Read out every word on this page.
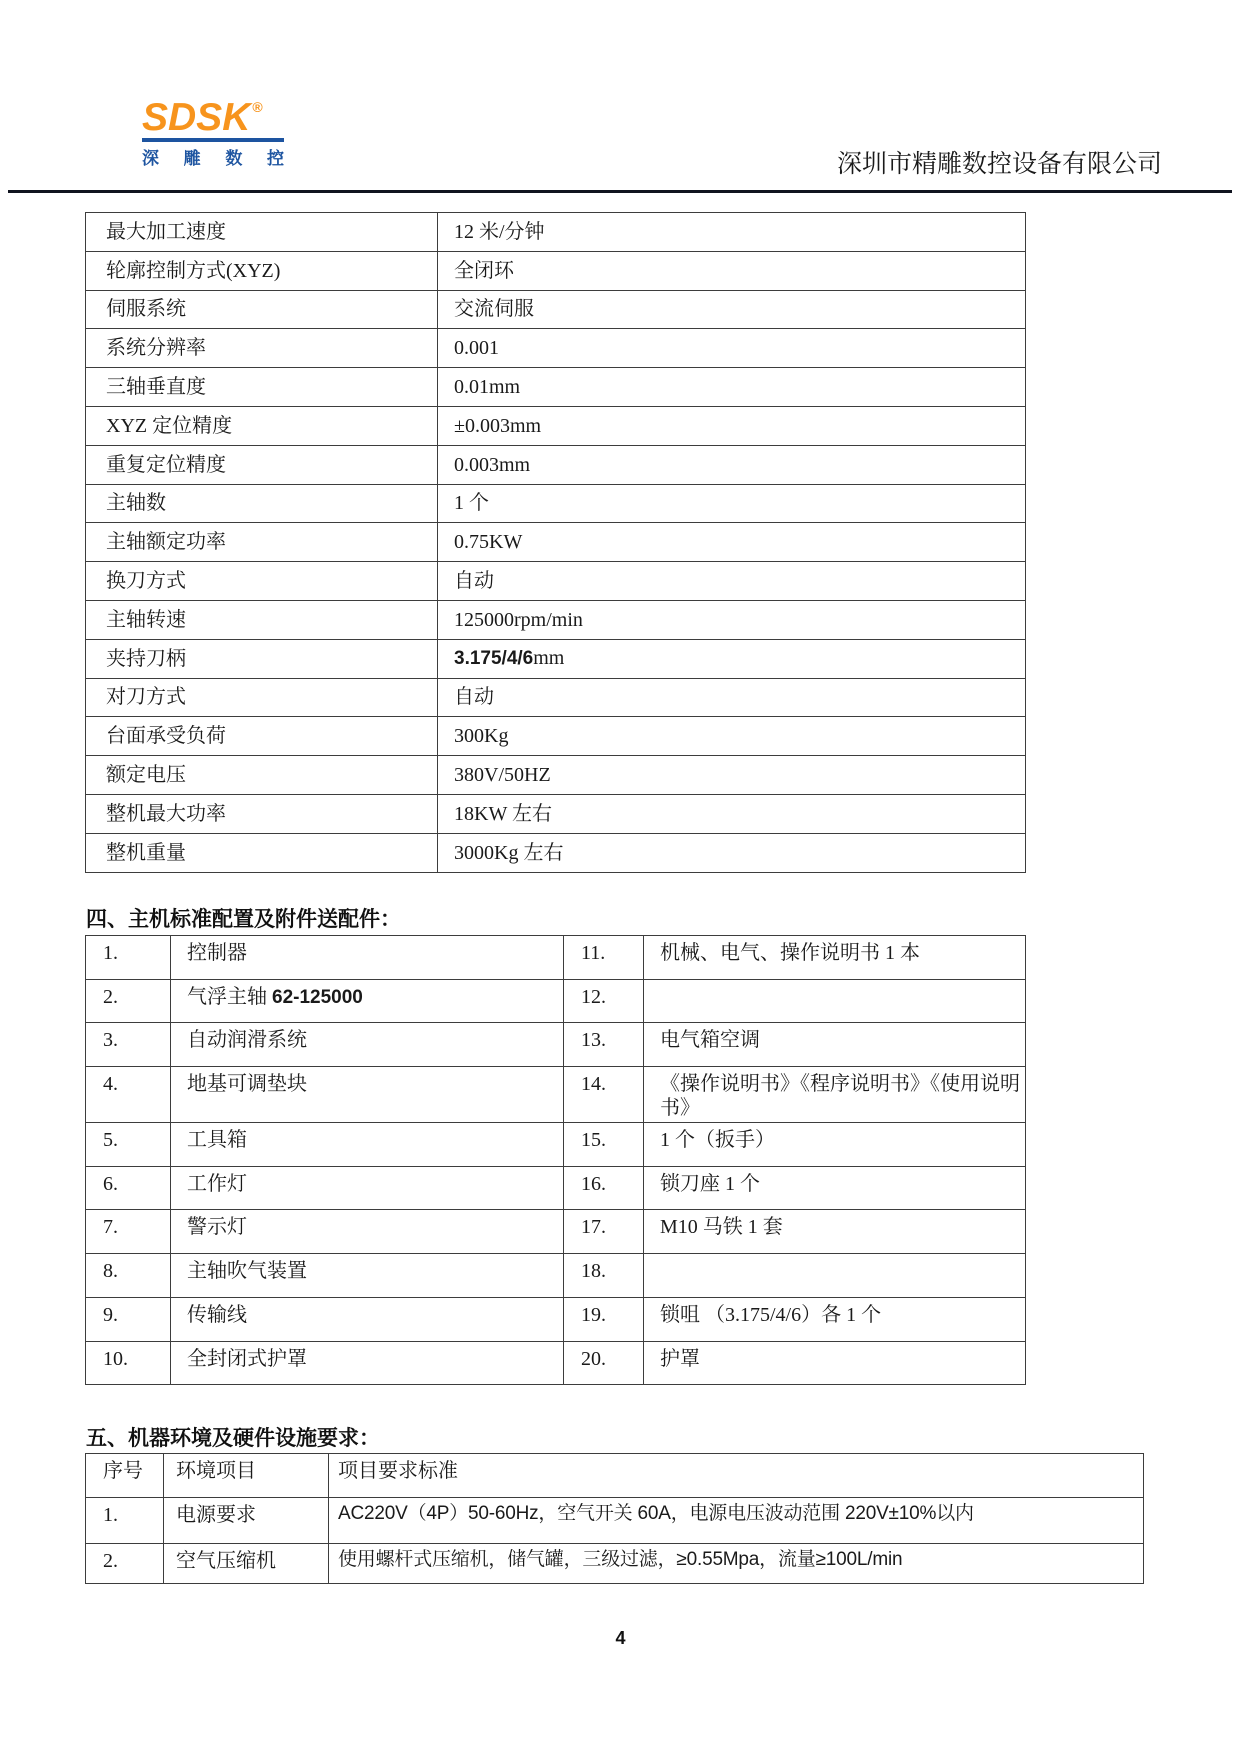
SDSK ®
深 雕 数 控	深圳市精雕数控设备有限公司
最大加工速度	12 米/分钟
轮廓控制方式(XYZ)	全闭环
伺服系统	交流伺服
系统分辨率	0.001
三轴垂直度	0.01mm
XYZ 定位精度	±0.003mm
重复定位精度	0.003mm
主轴数	1 个
主轴额定功率	0.75KW
换刀方式	自动
主轴转速	125000rpm/min
夹持刀柄	3.175/4/6mm
对刀方式	自动
台面承受负荷	300Kg
额定电压	380V/50HZ
整机最大功率	18KW 左右
整机重量	3000Kg 左右
四、主机标准配置及附件送配件：
1.	控制器	11.	机械、电气、操作说明书 1 本
2.	气浮主轴 62-125000	12.	
3.	自动润滑系统	13.	电气箱空调
4.	地基可调垫块	14.	《操作说明书》《程序说明书》《使用说明书》
5.	工具箱	15.	1 个（扳手）
6.	工作灯	16.	锁刀座 1 个
7.	警示灯	17.	M10 马铁 1 套
8.	主轴吹气装置	18.	
9.	传输线	19.	锁咀 （3.175/4/6）各 1 个
10.	全封闭式护罩	20.	护罩
五、机器环境及硬件设施要求：
序号	环境项目	项目要求标准
1.	电源要求	AC220V（4P）50-60Hz，空气开关 60A，电源电压波动范围 220V±10%以内
2.	空气压缩机	使用螺杆式压缩机，储气罐，三级过滤，≥0.55Mpa，流量≥100L/min
4
